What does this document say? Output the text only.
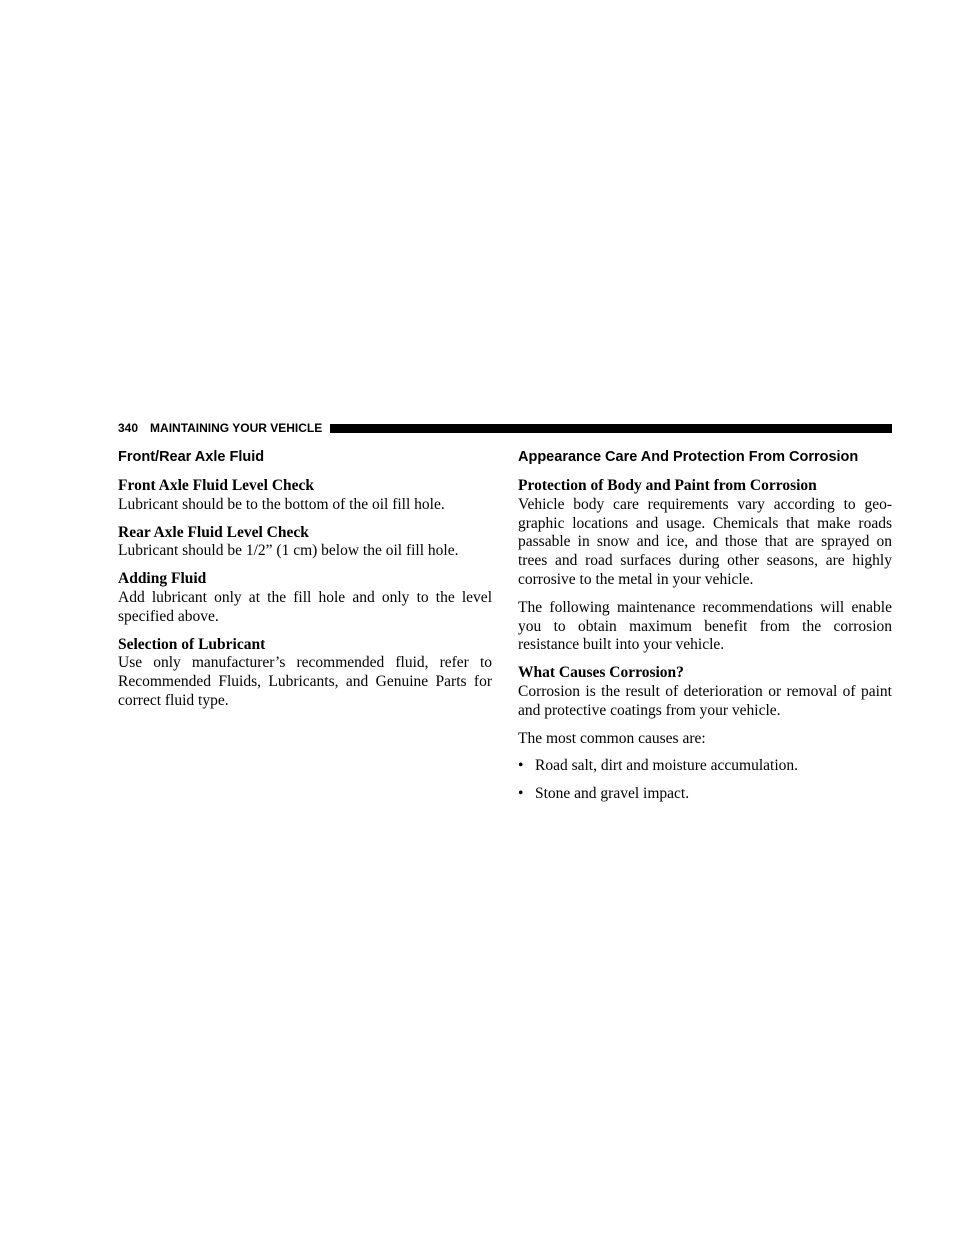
340 MAINTAINING YOUR VEHICLE
Front/Rear Axle Fluid
Front Axle Fluid Level Check
Lubricant should be to the bottom of the oil fill hole.
Rear Axle Fluid Level Check
Lubricant should be 1/2” (1 cm) below the oil fill hole.
Adding Fluid
Add lubricant only at the fill hole and only to the level specified above.
Selection of Lubricant
Use only manufacturer’s recommended fluid, refer to Recommended Fluids, Lubricants, and Genuine Parts for correct fluid type.
Appearance Care And Protection From Corrosion
Protection of Body and Paint from Corrosion
Vehicle body care requirements vary according to geographic locations and usage. Chemicals that make roads passable in snow and ice, and those that are sprayed on trees and road surfaces during other seasons, are highly corrosive to the metal in your vehicle.
The following maintenance recommendations will enable you to obtain maximum benefit from the corrosion resistance built into your vehicle.
What Causes Corrosion?
Corrosion is the result of deterioration or removal of paint and protective coatings from your vehicle.
The most common causes are:
• Road salt, dirt and moisture accumulation.
• Stone and gravel impact.
